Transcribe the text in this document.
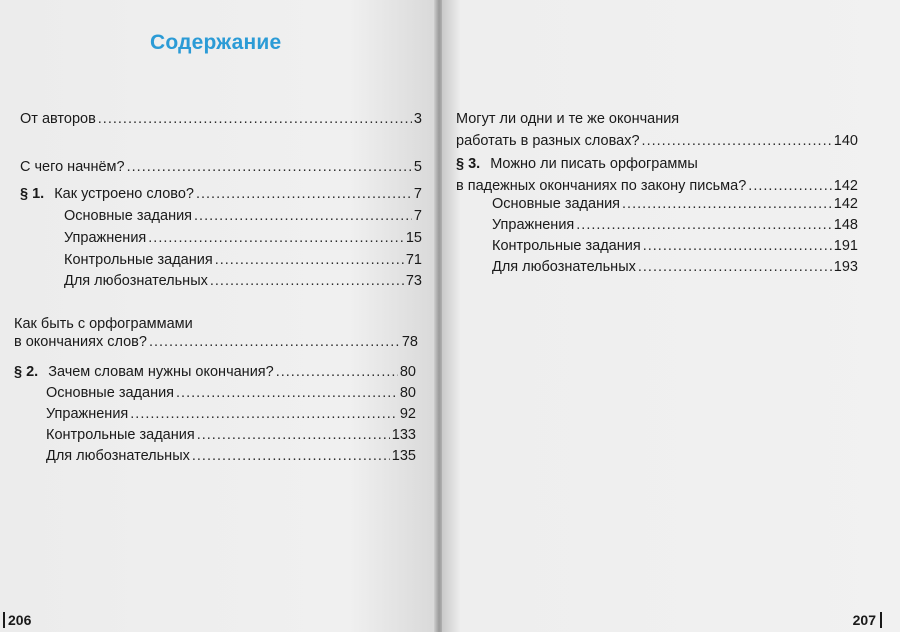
Содержание
От авторов .....	3
С чего начнём? .....	5
§ 1. Как устроено слово? .....	7
Основные задания .....	7
Упражнения .....	15
Контрольные задания .....	71
Для любознательных .....	73
Как быть с орфограммами
в окончаниях слов? .....	78
§ 2. Зачем словам нужны окончания? .....	80
Основные задания .....	80
Упражнения .....	92
Контрольные задания .....	133
Для любознательных .....	135
206
Могут ли одни и те же окончания
работать в разных словах? .....	140
§ 3. Можно ли писать орфограммы
в падежных окончаниях по закону письма? .....	142
Основные задания .....	142
Упражнения .....	148
Контрольные задания .....	191
Для любознательных .....	193
207
